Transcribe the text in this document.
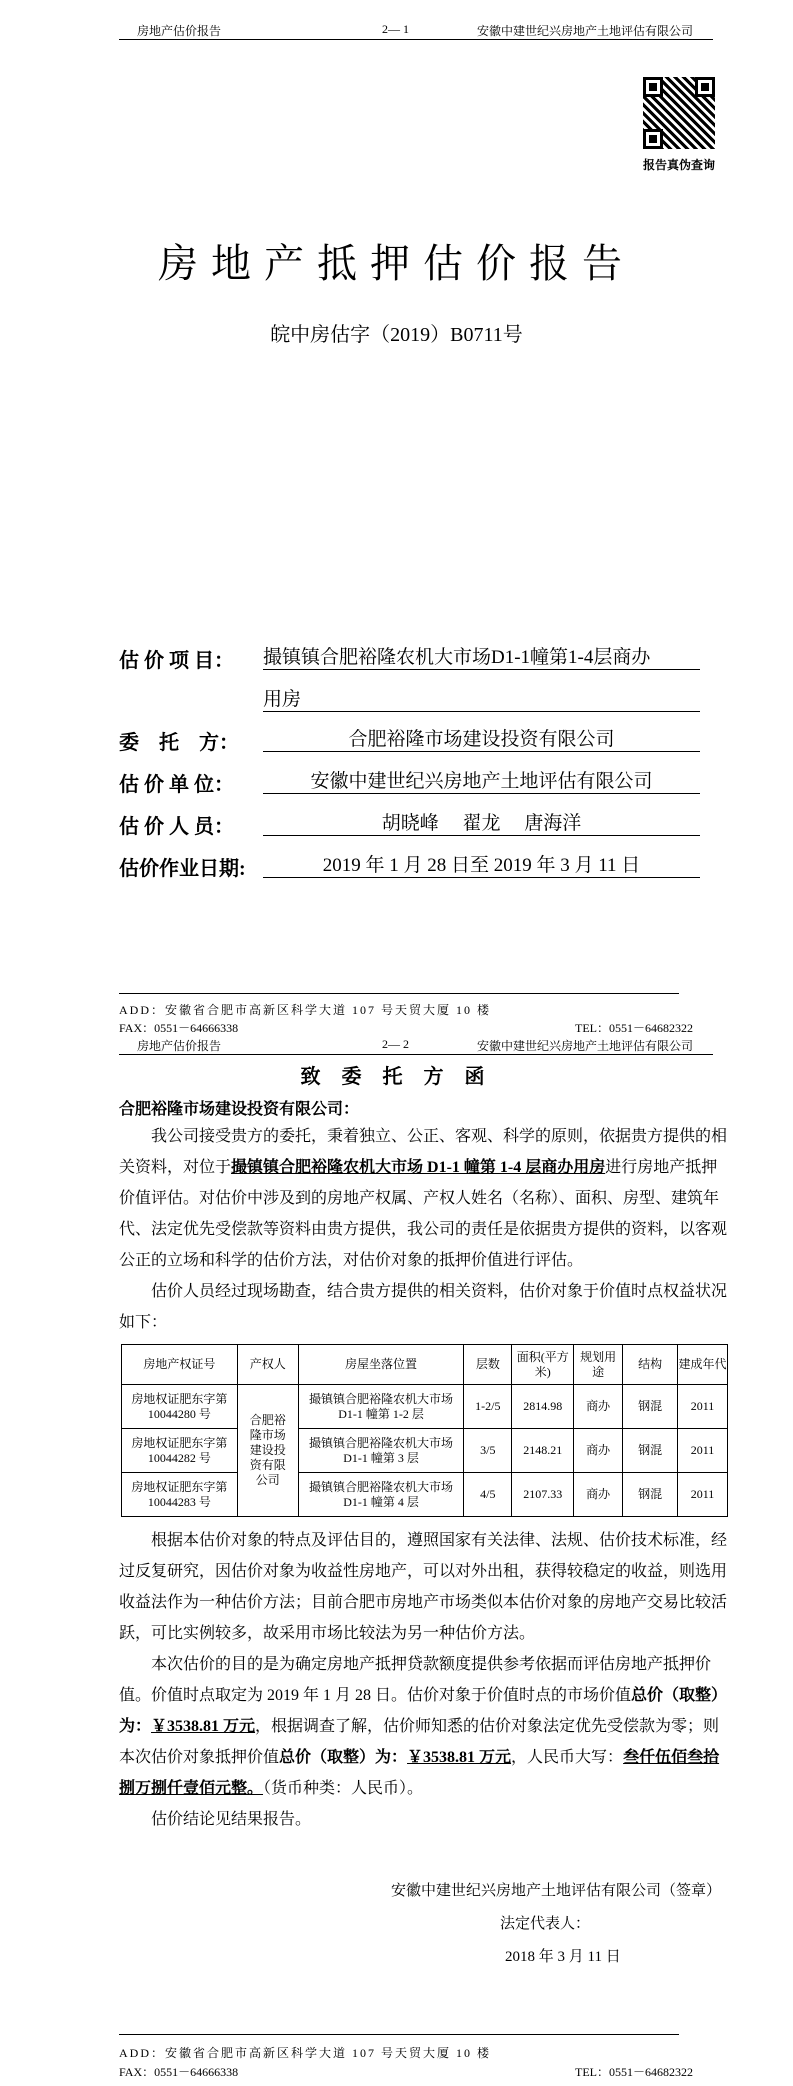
房地产估价报告	2— 1	安徽中建世纪兴房地产土地评估有限公司
报告真伪查询
房地产抵押估价报告
皖中房估字（2019）B0711号
估 价 项 目： 撮镇镇合肥裕隆农机大市场D1-1幢第1-4层商办
用房
委　托　方：	合肥裕隆市场建设投资有限公司
估 价 单 位：	安徽中建世纪兴房地产土地评估有限公司
估 价 人 员：	胡晓峰　 翟龙　 唐海洋
估价作业日期:	2019 年 1 月 28 日至 2019 年 3 月 11 日
ADD：安徽省合肥市高新区科学大道 107 号天贸大厦 10 楼
FAX：0551－64666338	TEL：0551－64682322
房地产估价报告	2— 2	安徽中建世纪兴房地产土地评估有限公司
致 委 托 方 函
合肥裕隆市场建设投资有限公司：

我公司接受贵方的委托，秉着独立、公正、客观、科学的原则，依据贵方提供的相关资料，对位于撮镇镇合肥裕隆农机大市场 D1-1 幢第 1-4 层商办用房进行房地产抵押价值评估。对估价中涉及到的房地产权属、产权人姓名（名称）、面积、房型、建筑年代、法定优先受偿款等资料由贵方提供，我公司的责任是依据贵方提供的资料，以客观公正的立场和科学的估价方法，对估价对象的抵押价值进行评估。

估价人员经过现场勘查，结合贵方提供的相关资料，估价对象于价值时点权益状况如下：

房地产权证号	产权人	房屋坐落位置	层数	面积(平方米)	规划用途	结构	建成年代
房地权证肥东字第 10044280 号	合肥裕隆市场建设投资有限公司	撮镇镇合肥裕隆农机大市场 D1-1 幢第 1-2 层	1-2/5	2814.98	商办	钢混	2011
房地权证肥东字第 10044282 号		撮镇镇合肥裕隆农机大市场 D1-1 幢第 3 层	3/5	2148.21	商办	钢混	2011
房地权证肥东字第 10044283 号		撮镇镇合肥裕隆农机大市场 D1-1 幢第 4 层	4/5	2107.33	商办	钢混	2011

根据本估价对象的特点及评估目的，遵照国家有关法律、法规、估价技术标准，经过反复研究，因估价对象为收益性房地产，可以对外出租，获得较稳定的收益，则选用收益法作为一种估价方法；目前合肥市房地产市场类似本估价对象的房地产交易比较活跃，可比实例较多，故采用市场比较法为另一种估价方法。

本次估价的目的是为确定房地产抵押贷款额度提供参考依据而评估房地产抵押价值。价值时点取定为 2019 年 1 月 28 日。估价对象于价值时点的市场价值总价（取整）为：￥3538.81 万元，根据调查了解，估价师知悉的估价对象法定优先受偿款为零；则本次估价对象抵押价值总价（取整）为：￥3538.81 万元，人民币大写：叁仟伍佰叁拾捌万捌仟壹佰元整。（货币种类：人民币）。

估价结论见结果报告。

安徽中建世纪兴房地产土地评估有限公司（签章）
法定代表人：
2018 年 3 月 11 日
ADD：安徽省合肥市高新区科学大道 107 号天贸大厦 10 楼
FAX：0551－64666338	TEL：0551－64682322
